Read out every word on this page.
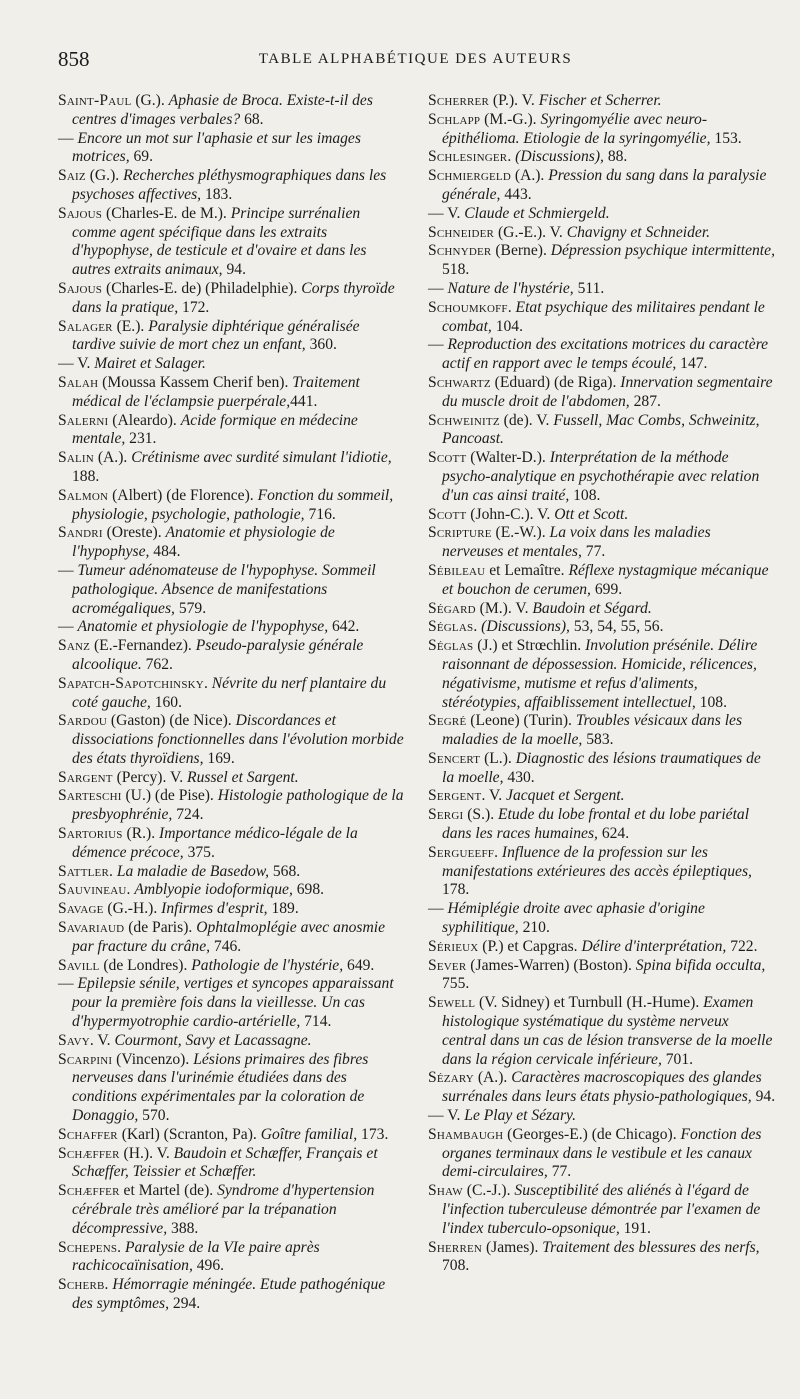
858	TABLE ALPHABÉTIQUE DES AUTEURS

Saint-Paul (G.). Aphasie de Broca. Existe-t-il des centres d'images verbales? 68.

— Encore un mot sur l'aphasie et sur les images motrices, 69.

Saiz (G.). Recherches pléthysmographiques dans les psychoses affectives, 183.

Sajous (Charles-E. de M.). Principe surrénalien comme agent spécifique dans les extraits d'hypophyse, de testicule et d'ovaire et dans les autres extraits animaux, 94.

Sajous (Charles-E. de) (Philadelphie). Corps thyroïde dans la pratique, 172.

Salager (E.). Paralysie diphtérique généralisée tardive suivie de mort chez un enfant, 360.

— V. Mairet et Salager.

Salah (Moussa Kassem Cherif ben). Traitement médical de l'éclampsie puerpérale,441.

Salerni (Aleardo). Acide formique en médecine mentale, 231.

Salin (A.). Crétinisme avec surdité simulant l'idiotie, 188.

Salmon (Albert) (de Florence). Fonction du sommeil, physiologie, psychologie, pathologie, 716.

Sandri (Oreste). Anatomie et physiologie de l'hypophyse, 484.

— Tumeur adénomateuse de l'hypophyse. Sommeil pathologique. Absence de manifestations acromégaliques, 579.

— Anatomie et physiologie de l'hypophyse, 642.

Sanz (E.-Fernandez). Pseudo-paralysie générale alcoolique. 762.

Sapatch-Sapotchinsky. Névrite du nerf plantaire du coté gauche, 160.

Sardou (Gaston) (de Nice). Discordances et dissociations fonctionnelles dans l'évolution morbide des états thyroïdiens, 169.

Sargent (Percy). V. Russel et Sargent.

Sarteschi (U.) (de Pise). Histologie pathologique de la presbyophrénie, 724.

Sartorius (R.). Importance médico-légale de la démence précoce, 375.

Sattler. La maladie de Basedow, 568.

Sauvineau. Amblyopie iodoformique, 698.

Savage (G.-H.). Infirmes d'esprit, 189.

Savariaud (de Paris). Ophtalmoplégie avec anosmie par fracture du crâne, 746.

Savill (de Londres). Pathologie de l'hystérie, 649.

— Epilepsie sénile, vertiges et syncopes apparaissant pour la première fois dans la vieillesse. Un cas d'hypermyotrophie cardio-artérielle, 714.

Savy. V. Courmont, Savy et Lacassagne.

Scarpini (Vincenzo). Lésions primaires des fibres nerveuses dans l'urinémie étudiées dans des conditions expérimentales par la coloration de Donaggio, 570.

Schaffer (Karl) (Scranton, Pa). Goître familial, 173.

Schæffer (H.). V. Baudoin et Schæffer, Français et Schæffer, Teissier et Schæffer.

Schæffer et Martel (de). Syndrome d'hypertension cérébrale très amélioré par la trépanation décompressive, 388.

Schepens. Paralysie de la VIe paire après rachicocaïnisation, 496.

Scherb. Hémorragie méningée. Etude pathogénique des symptômes, 294.

Scherrer (P.). V. Fischer et Scherrer.

Schlapp (M.-G.). Syringomyélie avec neuro-épithélioma. Etiologie de la syringomyélie, 153.

Schlesinger. (Discussions), 88.

Schmiergeld (A.). Pression du sang dans la paralysie générale, 443.

— V. Claude et Schmiergeld.

Schneider (G.-E.). V. Chavigny et Schneider.

Schnyder (Berne). Dépression psychique intermittente, 518.

— Nature de l'hystérie, 511.

Schoumkoff. Etat psychique des militaires pendant le combat, 104.

— Reproduction des excitations motrices du caractère actif en rapport avec le temps écoulé, 147.

Schwartz (Eduard) (de Riga). Innervation segmentaire du muscle droit de l'abdomen, 287.

Schweinitz (de). V. Fussell, Mac Combs, Schweinitz, Pancoast.

Scott (Walter-D.). Interprétation de la méthode psycho-analytique en psychothérapie avec relation d'un cas ainsi traité, 108.

Scott (John-C.). V. Ott et Scott.

Scripture (E.-W.). La voix dans les maladies nerveuses et mentales, 77.

Sébileau et Lemaître. Réflexe nystagmique mécanique et bouchon de cerumen, 699.

Ségard (M.). V. Baudoin et Ségard.

Séglas. (Discussions), 53, 54, 55, 56.

Séglas (J.) et Strœchlin. Involution présénile. Délire raisonnant de dépossession. Homicide, rélicences, négativisme, mutisme et refus d'aliments, stéréotypies, affaiblissement intellectuel, 108.

Segré (Leone) (Turin). Troubles vésicaux dans les maladies de la moelle, 583.

Sencert (L.). Diagnostic des lésions traumatiques de la moelle, 430.

Sergent. V. Jacquet et Sergent.

Sergi (S.). Etude du lobe frontal et du lobe pariétal dans les races humaines, 624.

Sergueeff. Influence de la profession sur les manifestations extérieures des accès épileptiques, 178.

— Hémiplégie droite avec aphasie d'origine syphilitique, 210.

Sérieux (P.) et Capgras. Délire d'interprétation, 722.

Sever (James-Warren) (Boston). Spina bifida occulta, 755.

Sewell (V. Sidney) et Turnbull (H.-Hume). Examen histologique systématique du système nerveux central dans un cas de lésion transverse de la moelle dans la région cervicale inférieure, 701.

Sézary (A.). Caractères macroscopiques des glandes surrénales dans leurs états physio-pathologiques, 94.

— V. Le Play et Sézary.

Shambaugh (Georges-E.) (de Chicago). Fonction des organes terminaux dans le vestibule et les canaux demi-circulaires, 77.

Shaw (C.-J.). Susceptibilité des aliénés à l'égard de l'infection tuberculeuse démontrée par l'examen de l'index tuberculo-opsonique, 191.

Sherren (James). Traitement des blessures des nerfs, 708.
